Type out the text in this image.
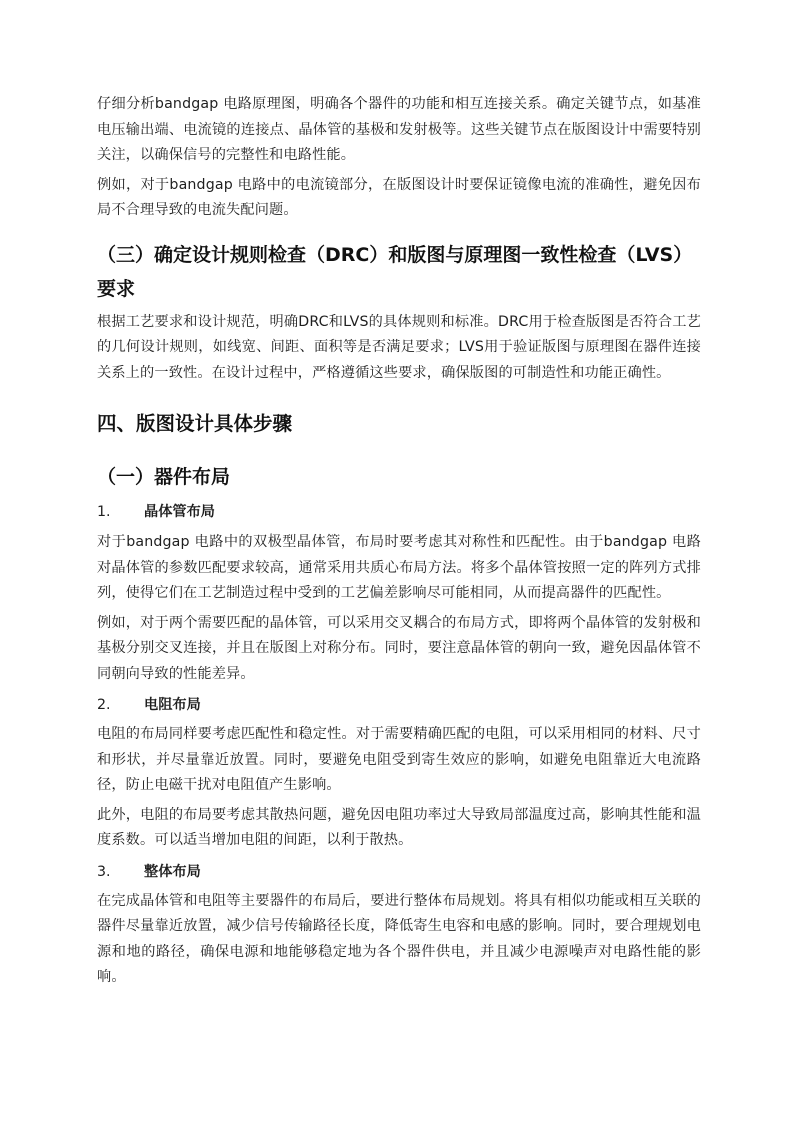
仔细分析bandgap 电路原理图，明确各个器件的功能和相互连接关系。确定关键节点，如基准电压输出端、电流镜的连接点、晶体管的基极和发射极等。这些关键节点在版图设计中需要特别关注，以确保信号的完整性和电路性能。

例如，对于bandgap 电路中的电流镜部分，在版图设计时要保证镜像电流的准确性，避免因布局不合理导致的电流失配问题。

（三）确定设计规则检查（DRC）和版图与原理图一致性检查（LVS）要求

根据工艺要求和设计规范，明确DRC和LVS的具体规则和标准。DRC用于检查版图是否符合工艺的几何设计规则，如线宽、间距、面积等是否满足要求；LVS用于验证版图与原理图在器件连接关系上的一致性。在设计过程中，严格遵循这些要求，确保版图的可制造性和功能正确性。

四、版图设计具体步骤
（一）器件布局
1.	晶体管布局

对于bandgap 电路中的双极型晶体管，布局时要考虑其对称性和匹配性。由于bandgap 电路对晶体管的参数匹配要求较高，通常采用共质心布局方法。将多个晶体管按照一定的阵列方式排列，使得它们在工艺制造过程中受到的工艺偏差影响尽可能相同，从而提高器件的匹配性。

例如，对于两个需要匹配的晶体管，可以采用交叉耦合的布局方式，即将两个晶体管的发射极和基极分别交叉连接，并且在版图上对称分布。同时，要注意晶体管的朝向一致，避免因晶体管不同朝向导致的性能差异。

2.	电阻布局

电阻的布局同样要考虑匹配性和稳定性。对于需要精确匹配的电阻，可以采用相同的材料、尺寸和形状，并尽量靠近放置。同时，要避免电阻受到寄生效应的影响，如避免电阻靠近大电流路径，防止电磁干扰对电阻值产生影响。

此外，电阻的布局要考虑其散热问题，避免因电阻功率过大导致局部温度过高，影响其性能和温度系数。可以适当增加电阻的间距，以利于散热。

3.	整体布局

在完成晶体管和电阻等主要器件的布局后，要进行整体布局规划。将具有相似功能或相互关联的器件尽量靠近放置，减少信号传输路径长度，降低寄生电容和电感的影响。同时，要合理规划电源和地的路径，确保电源和地能够稳定地为各个器件供电，并且减少电源噪声对电路性能的影响。
